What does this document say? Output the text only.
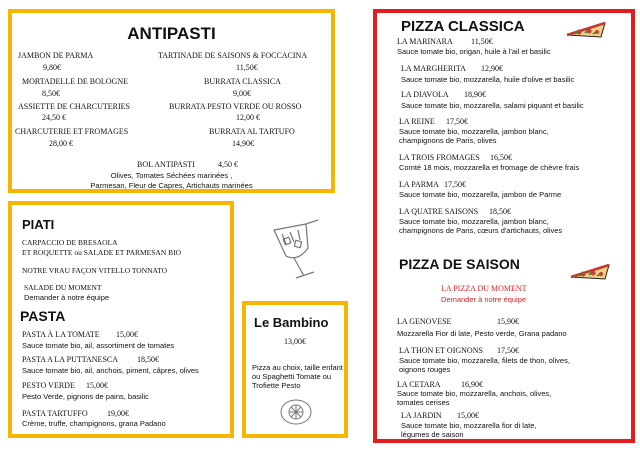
ANTIPASTI
JAMBON DE PARMA
9,80€
MORTADELLE DE BOLOGNE
8,50€
ASSIETTE DE CHARCUTERIES
24,50 €
CHARCUTERIE ET FROMAGES
28,00 €
TARTINADE DE SAISONS & FOCCACINA
11,50€
BURRATA CLASSICA
9,00€
BURRATA PESTO VERDE OU ROSSO
12,00 €
BURRATA AL TARTUFO
14,90€
BOL ANTIPASTI	4,50 €
Olives, Tomates Séchées marinées ,
Parmesan, Fleur de Capres, Artichauts marinées
PIATI
CARPACCIO DE BRESAOLA
ET ROQUETTE ou SALADE ET PARMESAN BIO
NOTRE VRAU FAÇON VITELLO TONNATO
SALADE DU MOMENT
Demander à notre équipe
PASTA
PASTA À LA TOMATE 15,00€
Sauce tomate bio, ail, assortiment de tomates
PASTA A LA PUTTANESCA 18,50€
Sauce tomate bio, ail, anchois, piment, câpres, olives
PESTO VERDE 15,00€
Pesto Verde, pignons de pains, basilic
PASTA TARTUFFO 19,00€
Crème, truffe, champignons, grana Padano
Le Bambino
13,00€
Pizza au choix, taille enfant
ou Spaghetti Tomate ou
Trofiette Pesto
PIZZA CLASSICA
LA MARINARA 11,50€
Sauce tomate bio, origan, huile à l'ail et basilic
LA MARGHERITA 12,90€
Sauce tomate bio, mozzarella, huile d'olive et basilic
LA DIAVOLA 18,90€
Sauce tomate bio, mozzarella, salami piquant et basilic
LA REINE 17,50€
Sauce tomate bio, mozzarella, jambon blanc,
champignons de Paris, olives
LA TROIS FROMAGES 16,50€
Comté 18 mois, mozzarella et fromage de chèvre frais
LA PARMA 17,50€
Sauce tomate bio, mozzarella, jambon de Parme
LA QUATRE SAISONS 18,50€
Sauce tomate bio, mozzarella, jambon blanc,
champignons de Paris, cœurs d'artichauts, olives
PIZZA DE SAISON
LA PIZZA DU MOMENT
Demander à notre équipe
LA GENOVESE	15,90€
Mozzarella Fior di late, Pesto verde, Grana padano
LA THON ET OIGNONS 17,50€
Sauce tomate bio, mozzarella, filets de thon, olives,
oignons rouges
LA CETARA	16,90€
Sauce tomate bio, mozzarella, anchois, olives,
tomates cerises
LA JARDIN 15,00€
Sauce tomate bio, mozzarella fior di late,
légumes de saison
